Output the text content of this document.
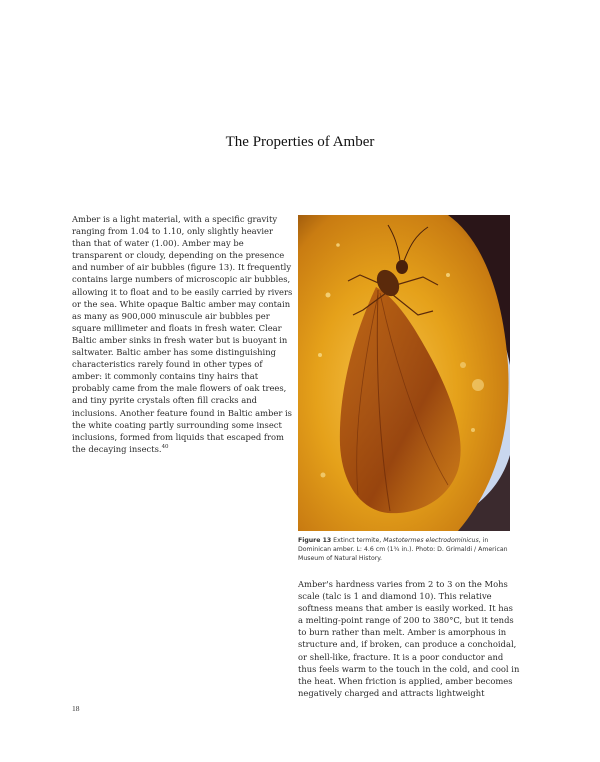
The Properties of Amber
Amber is a light material, with a specific gravity ranging from 1.04 to 1.10, only slightly heavier than that of water (1.00). Amber may be transparent or cloudy, depending on the presence and number of air bubbles (figure 13). It frequently contains large numbers of microscopic air bubbles, allowing it to float and to be easily carried by rivers or the sea. White opaque Baltic amber may contain as many as 900,000 minuscule air bubbles per square millimeter and floats in fresh water. Clear Baltic amber sinks in fresh water but is buoyant in saltwater. Baltic amber has some distinguishing characteristics rarely found in other types of amber: it commonly contains tiny hairs that probably came from the male flowers of oak trees, and tiny pyrite crystals often fill cracks and inclusions. Another feature found in Baltic amber is the white coating partly surrounding some insect inclusions, formed from liquids that escaped from the decaying insects.$^{40}$
Figure 13 Extinct termite, Mastotermes electrodominicus, in Dominican amber. L: 4.6 cm (1¾ in.). Photo: D. Grimaldi / American Museum of Natural History.
Amber's hardness varies from 2 to 3 on the Mohs scale (talc is 1 and diamond 10). This relative softness means that amber is easily worked. It has a melting-point range of 200 to 380°C, but it tends to burn rather than melt. Amber is amorphous in structure and, if broken, can produce a conchoidal, or shell-like, fracture. It is a poor conductor and thus feels warm to the touch in the cold, and cool in the heat. When friction is applied, amber becomes negatively charged and attracts lightweight
18
